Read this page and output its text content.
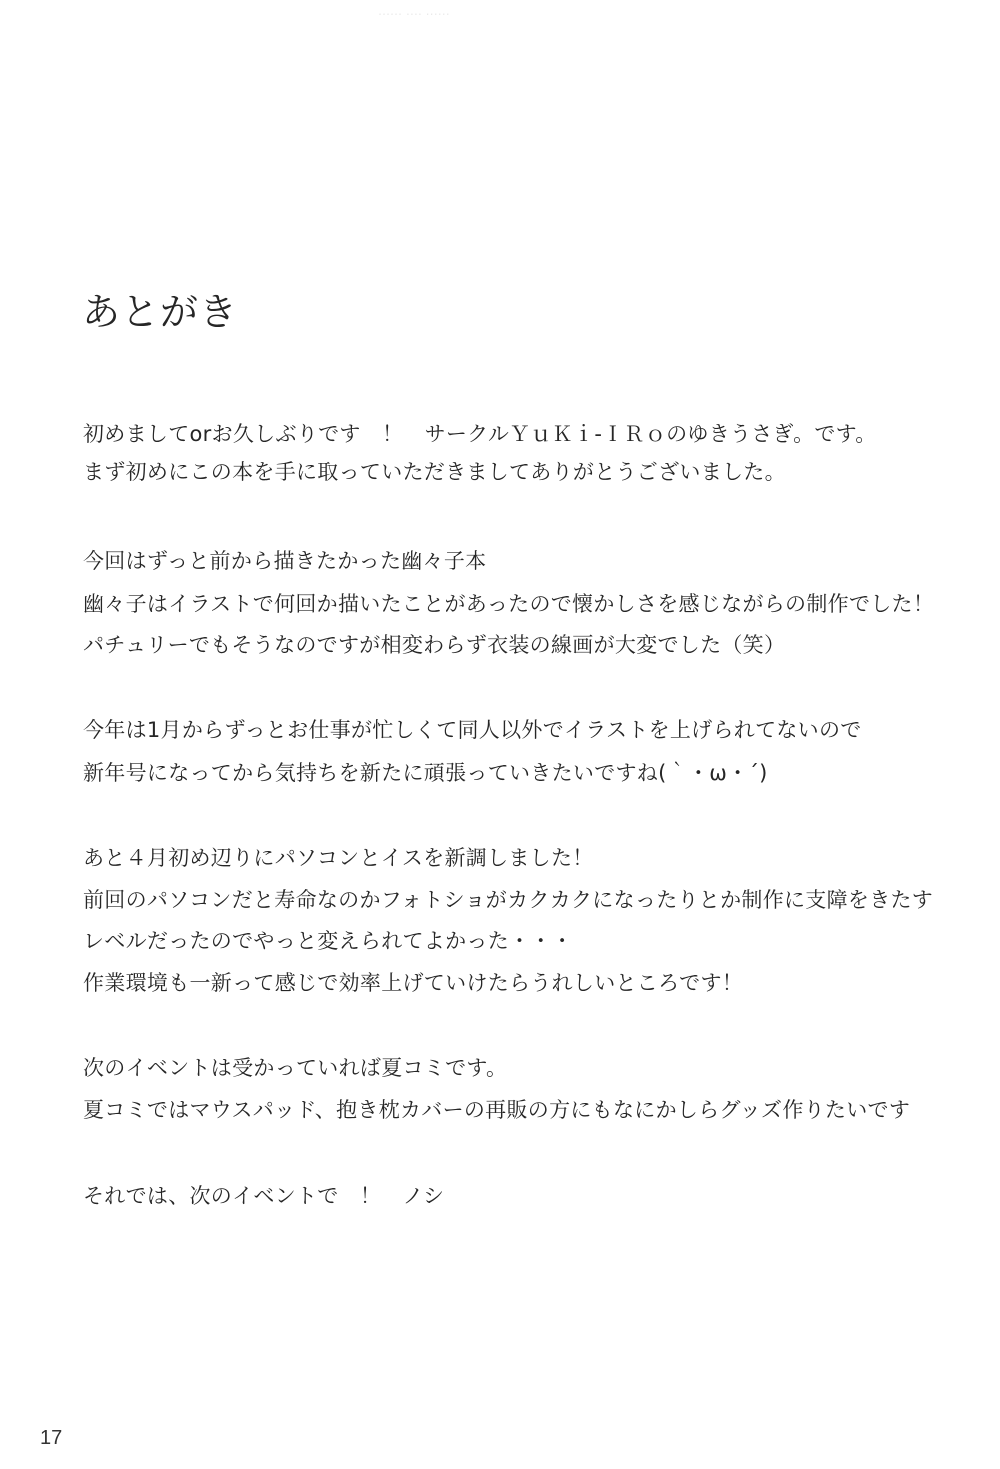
‥‥‥ ‥‥ ‥‥‥
あとがき
初めましてorお久しぶりです　！　サークルＹｕＫｉ-ＩＲｏのゆきうさぎ。です。
まず初めにこの本を手に取っていただきましてありがとうございました。
今回はずっと前から描きたかった幽々子本
幽々子はイラストで何回か描いたことがあったので懐かしさを感じながらの制作でした！
パチュリーでもそうなのですが相変わらず衣装の線画が大変でした（笑）
今年は1月からずっとお仕事が忙しくて同人以外でイラストを上げられてないので
新年号になってから気持ちを新たに頑張っていきたいですね(｀・ω・´)
あと４月初め辺りにパソコンとイスを新調しました！
前回のパソコンだと寿命なのかフォトショがカクカクになったりとか制作に支障をきたす
レベルだったのでやっと変えられてよかった・・・
作業環境も一新って感じで効率上げていけたらうれしいところです！
次のイベントは受かっていれば夏コミです。
夏コミではマウスパッド、抱き枕カバーの再販の方にもなにかしらグッズ作りたいです
それでは、次のイベントで　！　ノシ
17
